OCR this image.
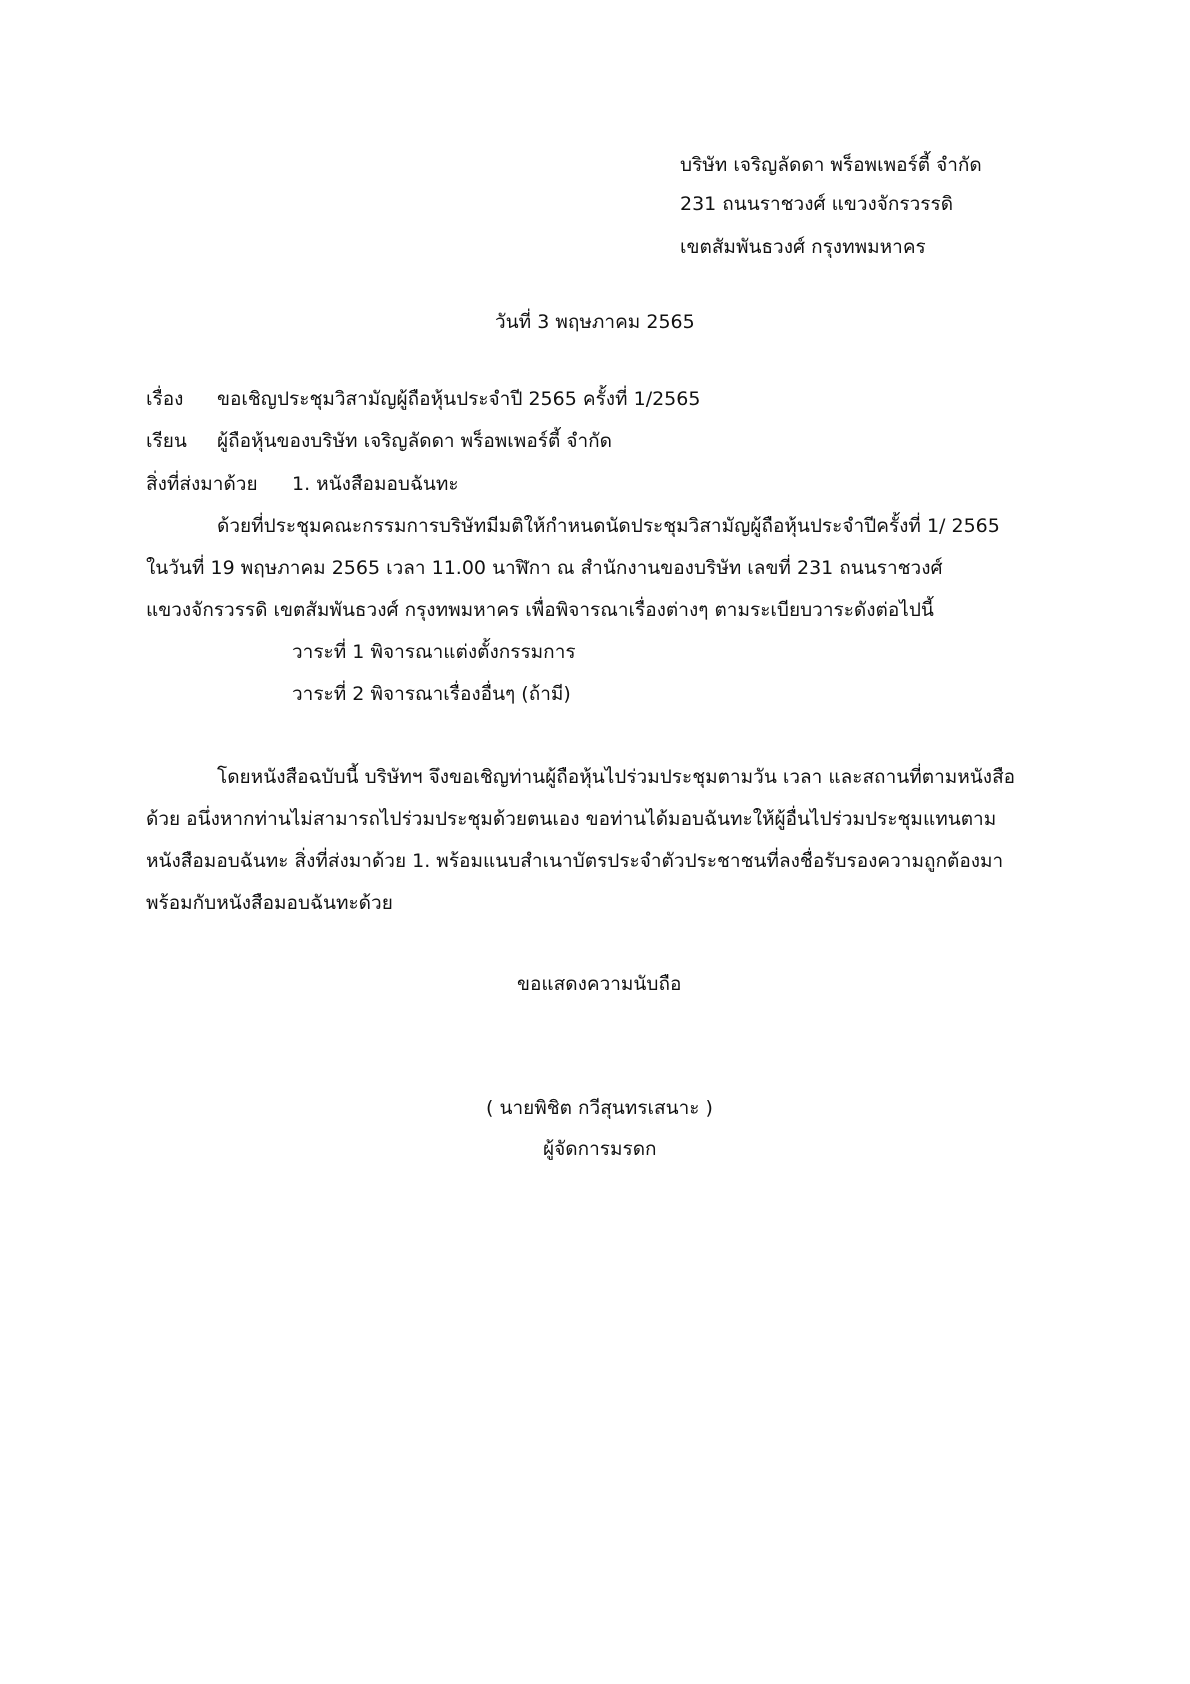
บริษัท เจริญลัดดา พร็อพเพอร์ตี้ จำกัด
231 ถนนราชวงศ์ แขวงจักรวรรดิ
เขตสัมพันธวงศ์ กรุงทพมหาคร
วันที่ 3 พฤษภาคม 2565
เรื่อง ขอเชิญประชุมวิสามัญผู้ถือหุ้นประจำปี 2565 ครั้งที่ 1/2565
เรียน ผู้ถือหุ้นของบริษัท เจริญลัดดา พร็อพเพอร์ตี้ จำกัด
สิ่งที่ส่งมาด้วย 1. หนังสือมอบฉันทะ
ด้วยที่ประชุมคณะกรรมการบริษัทมีมติให้กำหนดนัดประชุมวิสามัญผู้ถือหุ้นประจำปีครั้งที่ 1/ 2565
ในวันที่ 19 พฤษภาคม 2565 เวลา 11.00 นาฬิกา ณ สำนักงานของบริษัท เลขที่ 231 ถนนราชวงศ์
แขวงจักรวรรดิ เขตสัมพันธวงศ์ กรุงทพมหาคร เพื่อพิจารณาเรื่องต่างๆ ตามระเบียบวาระดังต่อไปนี้
วาระที่ 1 พิจารณาแต่งตั้งกรรมการ
วาระที่ 2 พิจารณาเรื่องอื่นๆ (ถ้ามี)
โดยหนังสือฉบับนี้ บริษัทฯ จึงขอเชิญท่านผู้ถือหุ้นไปร่วมประชุมตามวัน เวลา และสถานที่ตามหนังสือ
ด้วย อนึ่งหากท่านไม่สามารถไปร่วมประชุมด้วยตนเอง ขอท่านได้มอบฉันทะให้ผู้อื่นไปร่วมประชุมแทนตาม
หนังสือมอบฉันทะ สิ่งที่ส่งมาด้วย 1. พร้อมแนบสำเนาบัตรประจำตัวประชาชนที่ลงชื่อรับรองความถูกต้องมา
พร้อมกับหนังสือมอบฉันทะด้วย
ขอแสดงความนับถือ
( นายพิชิต กวีสุนทรเสนาะ )
ผู้จัดการมรดก
